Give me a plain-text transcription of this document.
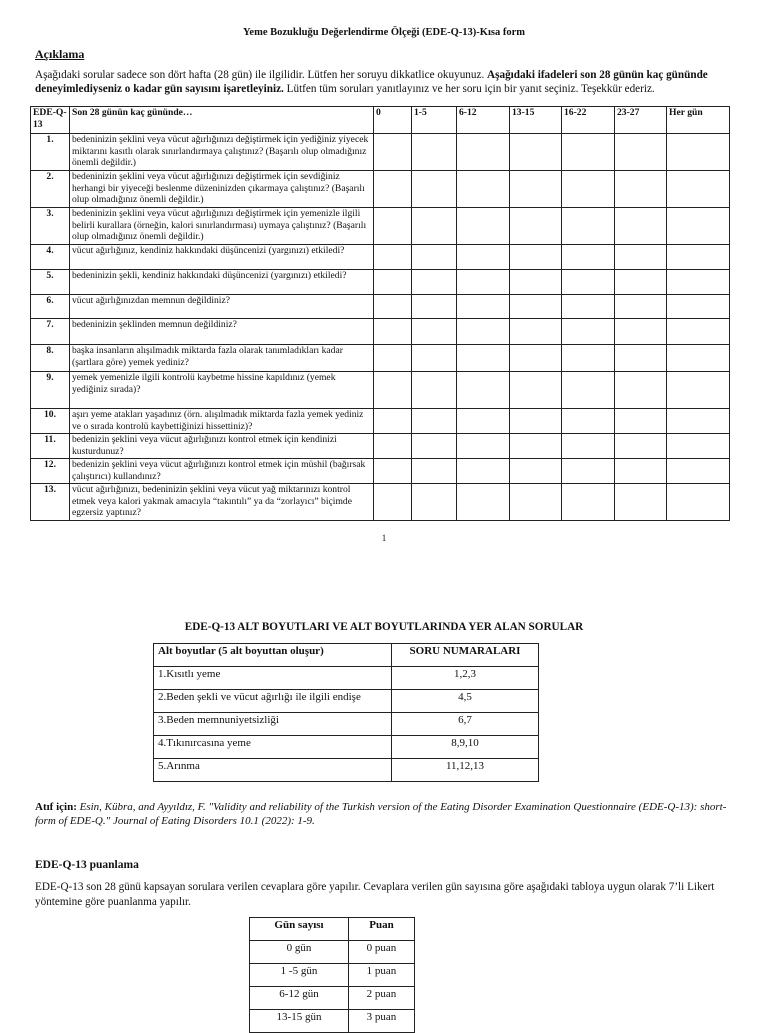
Yeme Bozukluğu Değerlendirme Ölçeği (EDE-Q-13)-Kısa form
Açıklama
Aşağıdaki sorular sadece son dört hafta (28 gün) ile ilgilidir. Lütfen her soruyu dikkatlice okuyunuz. Aşağıdaki ifadeleri son 28 günün kaç gününde deneyimlediyseniz o kadar gün sayısını işaretleyiniz. Lütfen tüm soruları yanıtlayınız ve her soru için bir yanıt seçiniz. Teşekkür ederiz.
EDE-Q-13	Son 28 günün kaç gününde…	0	1-5	6-12	13-15	16-22	23-27	Her gün
1.	bedeninizin şeklini veya vücut ağırlığınızı değiştirmek için yediğiniz yiyecek miktarını kasıtlı olarak sınırlandırmaya çalıştınız? (Başarılı olup olmadığınız önemli değildir.)							
2.	bedeninizin şeklini veya vücut ağırlığınızı değiştirmek için sevdiğiniz herhangi bir yiyeceği beslenme düzeninizden çıkarmaya çalıştınız? (Başarılı olup olmadığınız önemli değildir.)							
3.	bedeninizin şeklini veya vücut ağırlığınızı değiştirmek için yemenizle ilgili belirli kurallara (örneğin, kalori sınırlandırması) uymaya çalıştınız? (Başarılı olup olmadığınız önemli değildir.)							
4.	vücut ağırlığınız, kendiniz hakkındaki düşüncenizi (yargınızı) etkiledi?							
5.	bedeninizin şekli, kendiniz hakkındaki düşüncenizi (yargınızı) etkiledi?							
6.	vücut ağırlığınızdan memnun değildiniz?							
7.	bedeninizin şeklinden memnun değildiniz?							
8.	başka insanların alışılmadık miktarda fazla olarak tanımladıkları kadar (şartlara göre) yemek yediniz?							
9.	yemek yemenizle ilgili kontrolü kaybetme hissine kapıldınız (yemek yediğiniz sırada)?							
10.	aşırı yeme atakları yaşadınız (örn. alışılmadık miktarda fazla yemek yediniz ve o sırada kontrolü kaybettiğinizi hissettiniz)?							
11.	bedenizin şeklini veya vücut ağırlığınızı kontrol etmek için kendinizi kusturdunuz?							
12.	bedenizin şeklini veya vücut ağırlığınızı kontrol etmek için müshil (bağırsak çalıştırıcı) kullandınız?							
13.	vücut ağırlığınızı, bedeninizin şeklini veya vücut yağ miktarınızı kontrol etmek veya kalori yakmak amacıyla “takıntılı” ya da “zorlayıcı” biçimde egzersiz yaptınız?							
1
EDE-Q-13 ALT BOYUTLARI VE ALT BOYUTLARINDA YER ALAN SORULAR
Alt boyutlar (5 alt boyuttan oluşur)	SORU NUMARALARI
1.Kısıtlı yeme	1,2,3
2.Beden şekli ve vücut ağırlığı ile ilgili endişe	4,5
3.Beden memnuniyetsizliği	6,7
4.Tıkınırcasına yeme	8,9,10
5.Arınma	11,12,13
Atıf için: Esin, Kübra, and Ayyıldız, F. "Validity and reliability of the Turkish version of the Eating Disorder Examination Questionnaire (EDE-Q-13): short-form of EDE-Q." Journal of Eating Disorders 10.1 (2022): 1-9.
EDE-Q-13 puanlama
EDE-Q-13 son 28 günü kapsayan sorulara verilen cevaplara göre yapılır. Cevaplara verilen gün sayısına göre aşağıdaki tabloya uygun olarak 7’li Likert yöntemine göre puanlanma yapılır.
Gün sayısı	Puan
0 gün	0 puan
1 -5 gün	1 puan
6-12 gün	2 puan
13-15 gün	3 puan
